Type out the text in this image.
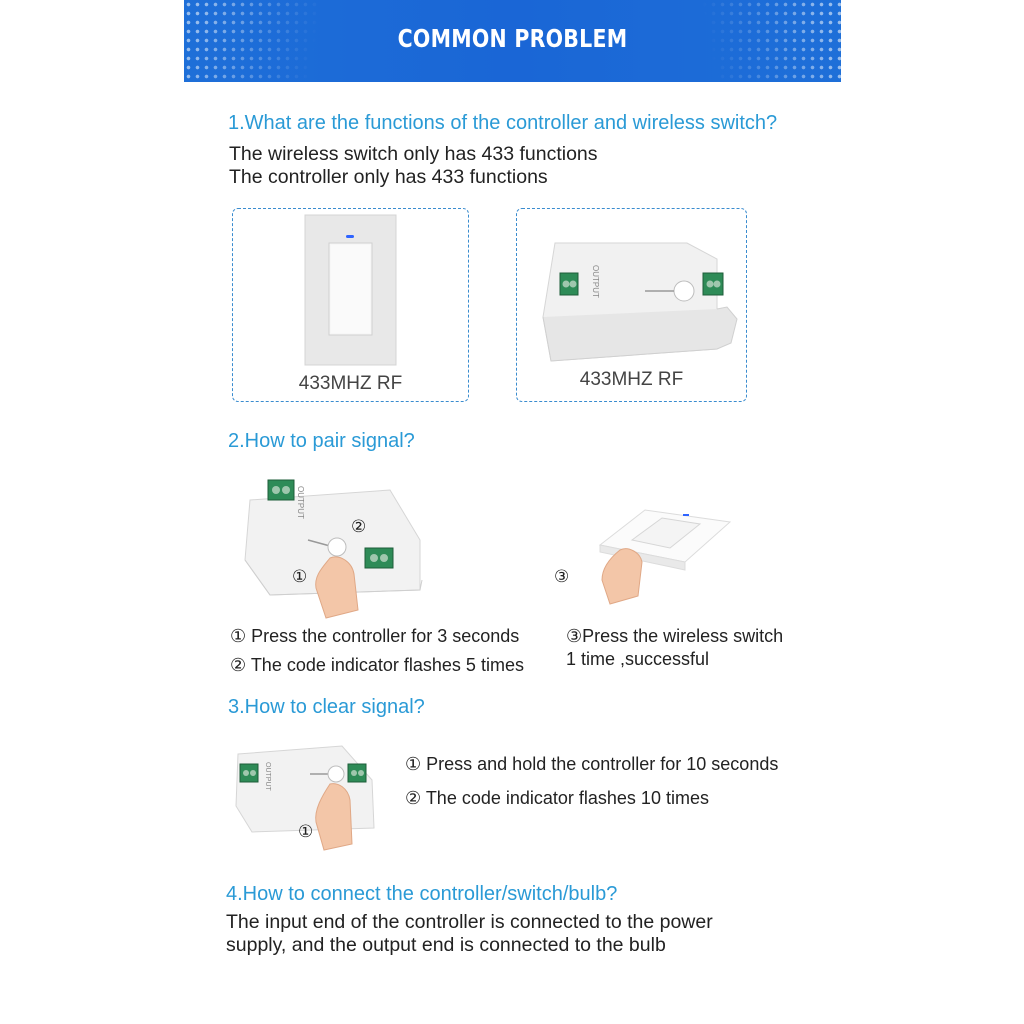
COMMON PROBLEM
1.What are the functions of the controller and wireless switch?
The wireless switch only has 433 functions
The controller only has 433 functions
433MHZ RF
OUTPUT
433MHZ RF
2.How to pair signal?
OUTPUT
①
②
③
① Press the controller for 3 seconds
② The code indicator flashes 5 times
③Press the wireless switch
1 time ,successful
3.How to clear signal?
OUTPUT
①
① Press and hold the controller for 10 seconds
② The code indicator flashes 10 times
4.How to connect the controller/switch/bulb?
The input end of the controller is connected to the power
supply, and the output end is connected to the bulb
